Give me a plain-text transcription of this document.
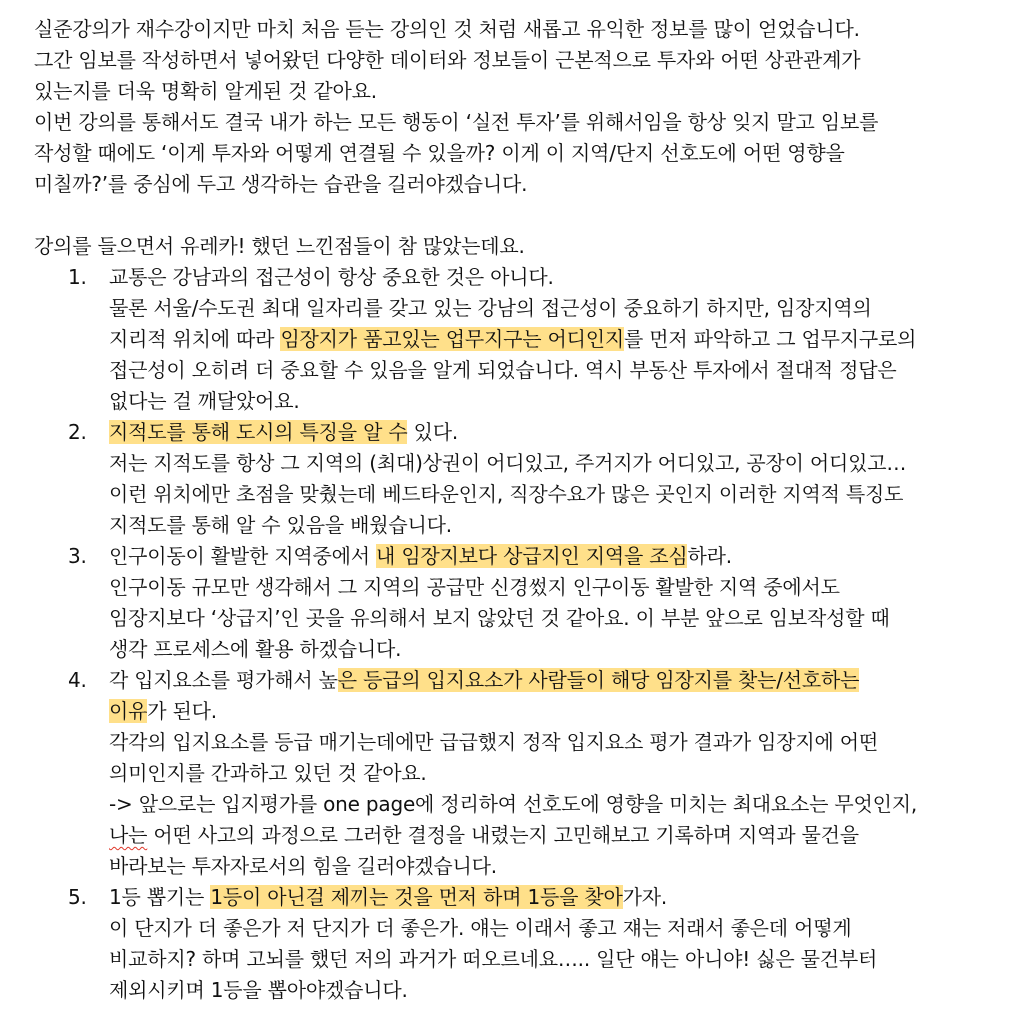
실준강의가 재수강이지만 마치 처음 듣는 강의인 것 처럼 새롭고 유익한 정보를 많이 얻었습니다.
그간 임보를 작성하면서 넣어왔던 다양한 데이터와 정보들이 근본적으로 투자와 어떤 상관관계가
있는지를 더욱 명확히 알게된 것 같아요.
이번 강의를 통해서도 결국 내가 하는 모든 행동이 ‘실전 투자’를 위해서임을 항상 잊지 말고 임보를
작성할 때에도 ‘이게 투자와 어떻게 연결될 수 있을까? 이게 이 지역/단지 선호도에 어떤 영향을
미칠까?’를 중심에 두고 생각하는 습관을 길러야겠습니다.
강의를 들으면서 유레카! 했던 느낀점들이 참 많았는데요.
1.	교통은 강남과의 접근성이 항상 중요한 것은 아니다.
물론 서울/수도권 최대 일자리를 갖고 있는 강남의 접근성이 중요하기 하지만, 임장지역의
지리적 위치에 따라 임장지가 품고있는 업무지구는 어디인지를 먼저 파악하고 그 업무지구로의
접근성이 오히려 더 중요할 수 있음을 알게 되었습니다. 역시 부동산 투자에서 절대적 정답은
없다는 걸 깨달았어요.
2.	지적도를 통해 도시의 특징을 알 수 있다.
저는 지적도를 항상 그 지역의 (최대)상권이 어디있고, 주거지가 어디있고, 공장이 어디있고…
이런 위치에만 초점을 맞췄는데 베드타운인지, 직장수요가 많은 곳인지 이러한 지역적 특징도
지적도를 통해 알 수 있음을 배웠습니다.
3.	인구이동이 활발한 지역중에서 내 임장지보다 상급지인 지역을 조심하라.
인구이동 규모만 생각해서 그 지역의 공급만 신경썼지 인구이동 활발한 지역 중에서도
임장지보다 ‘상급지’인 곳을 유의해서 보지 않았던 것 같아요. 이 부분 앞으로 임보작성할 때
생각 프로세스에 활용 하겠습니다.
4.	각 입지요소를 평가해서 높은 등급의 입지요소가 사람들이 해당 임장지를 찾는/선호하는
이유가 된다.
각각의 입지요소를 등급 매기는데에만 급급했지 정작 입지요소 평가 결과가 임장지에 어떤
의미인지를 간과하고 있던 것 같아요.
-> 앞으로는 입지평가를 one page에 정리하여 선호도에 영향을 미치는 최대요소는 무엇인지,
나는 어떤 사고의 과정으로 그러한 결정을 내렸는지 고민해보고 기록하며 지역과 물건을
바라보는 투자자로서의 힘을 길러야겠습니다.
5.	1등 뽑기는 1등이 아닌걸 제끼는 것을 먼저 하며 1등을 찾아가자.
이 단지가 더 좋은가 저 단지가 더 좋은가. 얘는 이래서 좋고 쟤는 저래서 좋은데 어떻게
비교하지? 하며 고뇌를 했던 저의 과거가 떠오르네요….. 일단 얘는 아니야! 싫은 물건부터
제외시키며 1등을 뽑아야겠습니다.
